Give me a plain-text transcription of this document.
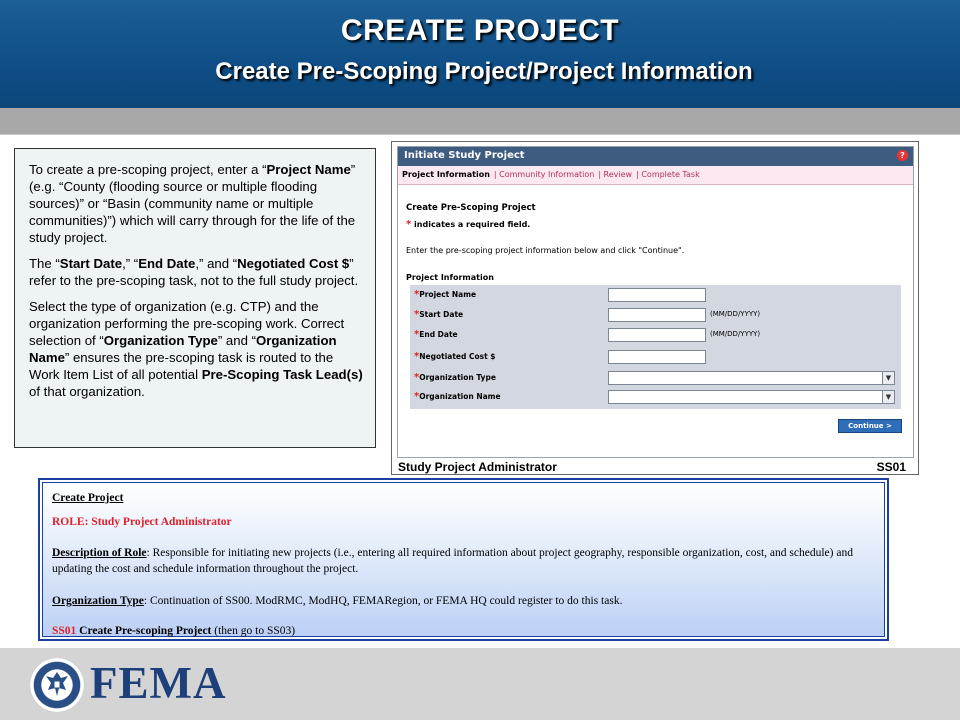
CREATE PROJECT
Create Pre-Scoping Project/Project Information

To create a pre-scoping project, enter a “Project Name” (e.g. “County (flooding source or multiple flooding sources)” or “Basin (community name or multiple communities)”) which will carry through for the life of the study project.

The “Start Date,” “End Date,” and “Negotiated Cost $” refer to the pre-scoping task, not to the full study project.

Select the type of organization (e.g. CTP) and the organization performing the pre-scoping work. Correct selection of “Organization Type” and “Organization Name” ensures the pre-scoping task is routed to the Work Item List of all potential Pre-Scoping Task Lead(s) of that organization.

Initiate Study Project	?
Project Information | Community Information | Review | Complete Task
Create Pre-Scoping Project
* indicates a required field.
Enter the pre-scoping project information below and click "Continue".
Project Information
*Project Name
*Start Date	(MM/DD/YYYY)
*End Date	(MM/DD/YYYY)
*Negotiated Cost $
*Organization Type	▼
*Organization Name	▼
Continue >
Study Project Administrator	SS01
Create Project
ROLE: Study Project Administrator
Description of Role: Responsible for initiating new projects (i.e., entering all required information about project geography, responsible organization, cost, and schedule) and updating the cost and schedule information throughout the project.
Organization Type: Continuation of SS00. ModRMC, ModHQ, FEMARegion, or FEMA HQ could register to do this task.
SS01 Create Pre-scoping Project (then go to SS03)
FEMA
